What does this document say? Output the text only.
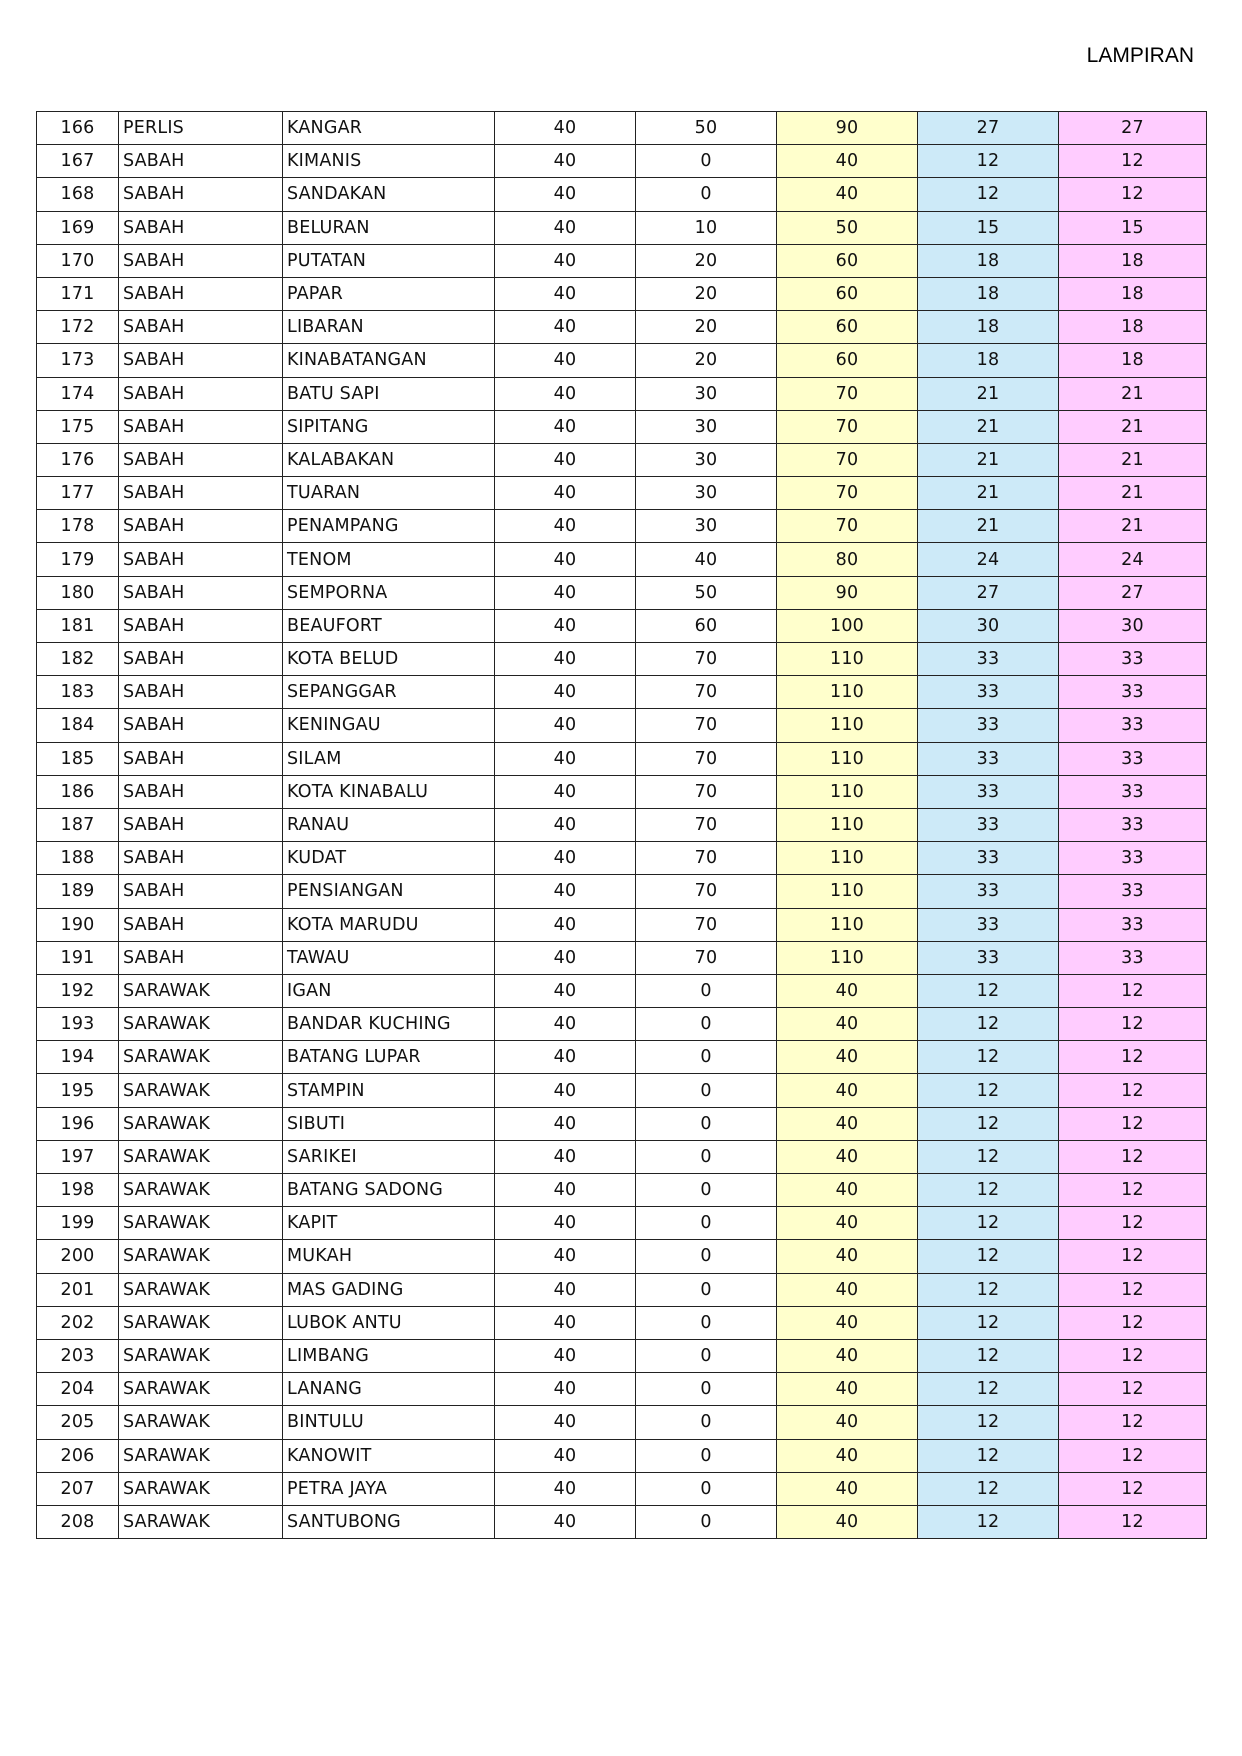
LAMPIRAN
166	PERLIS	KANGAR	40	50	90	27	27
167	SABAH	KIMANIS	40	0	40	12	12
168	SABAH	SANDAKAN	40	0	40	12	12
169	SABAH	BELURAN	40	10	50	15	15
170	SABAH	PUTATAN	40	20	60	18	18
171	SABAH	PAPAR	40	20	60	18	18
172	SABAH	LIBARAN	40	20	60	18	18
173	SABAH	KINABATANGAN	40	20	60	18	18
174	SABAH	BATU SAPI	40	30	70	21	21
175	SABAH	SIPITANG	40	30	70	21	21
176	SABAH	KALABAKAN	40	30	70	21	21
177	SABAH	TUARAN	40	30	70	21	21
178	SABAH	PENAMPANG	40	30	70	21	21
179	SABAH	TENOM	40	40	80	24	24
180	SABAH	SEMPORNA	40	50	90	27	27
181	SABAH	BEAUFORT	40	60	100	30	30
182	SABAH	KOTA BELUD	40	70	110	33	33
183	SABAH	SEPANGGAR	40	70	110	33	33
184	SABAH	KENINGAU	40	70	110	33	33
185	SABAH	SILAM	40	70	110	33	33
186	SABAH	KOTA KINABALU	40	70	110	33	33
187	SABAH	RANAU	40	70	110	33	33
188	SABAH	KUDAT	40	70	110	33	33
189	SABAH	PENSIANGAN	40	70	110	33	33
190	SABAH	KOTA MARUDU	40	70	110	33	33
191	SABAH	TAWAU	40	70	110	33	33
192	SARAWAK	IGAN	40	0	40	12	12
193	SARAWAK	BANDAR KUCHING	40	0	40	12	12
194	SARAWAK	BATANG LUPAR	40	0	40	12	12
195	SARAWAK	STAMPIN	40	0	40	12	12
196	SARAWAK	SIBUTI	40	0	40	12	12
197	SARAWAK	SARIKEI	40	0	40	12	12
198	SARAWAK	BATANG SADONG	40	0	40	12	12
199	SARAWAK	KAPIT	40	0	40	12	12
200	SARAWAK	MUKAH	40	0	40	12	12
201	SARAWAK	MAS GADING	40	0	40	12	12
202	SARAWAK	LUBOK ANTU	40	0	40	12	12
203	SARAWAK	LIMBANG	40	0	40	12	12
204	SARAWAK	LANANG	40	0	40	12	12
205	SARAWAK	BINTULU	40	0	40	12	12
206	SARAWAK	KANOWIT	40	0	40	12	12
207	SARAWAK	PETRA JAYA	40	0	40	12	12
208	SARAWAK	SANTUBONG	40	0	40	12	12
